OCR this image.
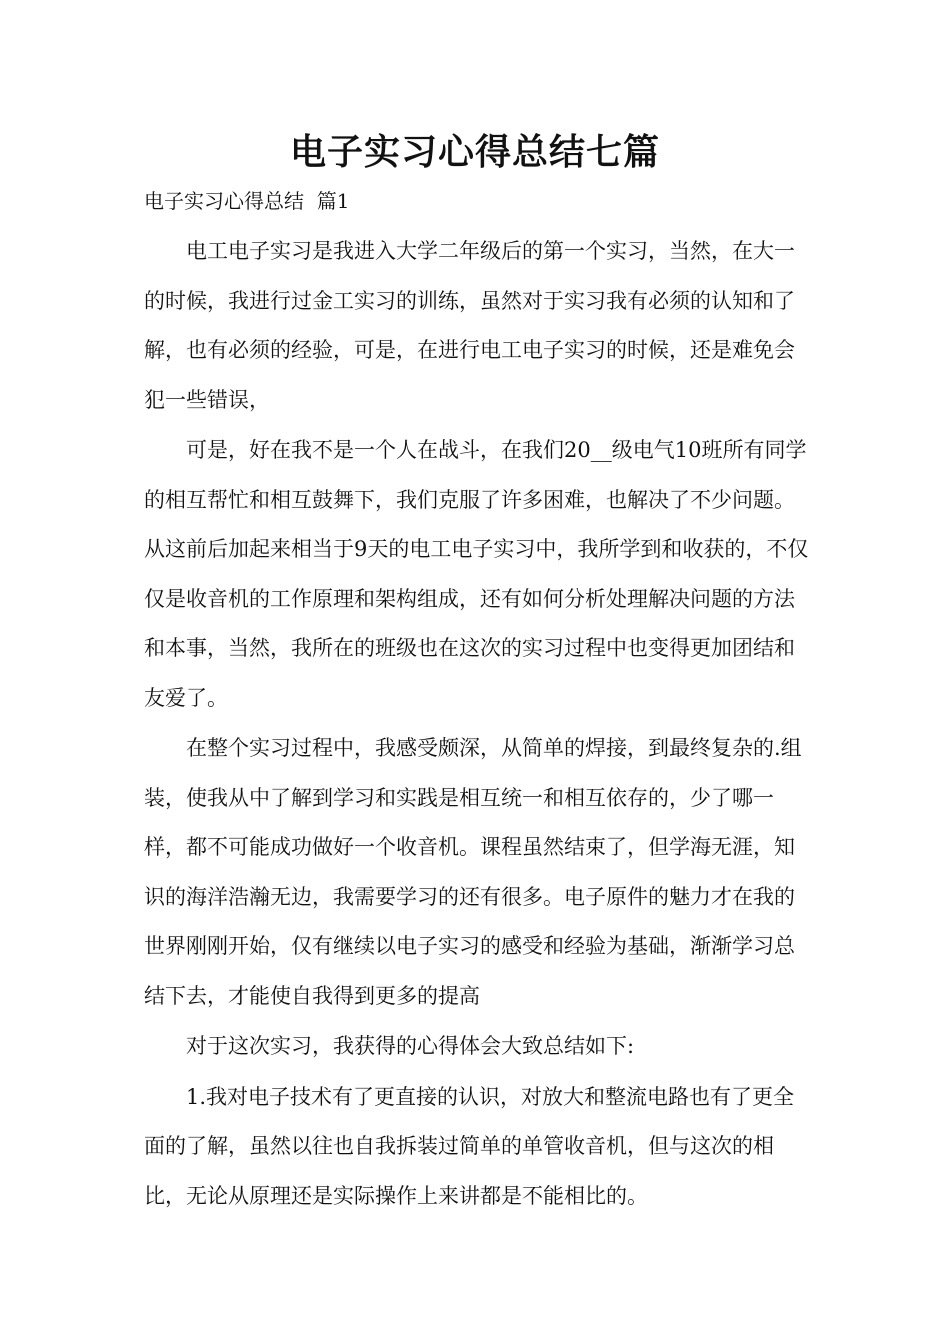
电子实习心得总结七篇
电子实习心得总结  篇1

电工电子实习是我进入大学二年级后的第一个实习，当然，在大一的时候，我进行过金工实习的训练，虽然对于实习我有必须的认知和了解，也有必须的经验，可是，在进行电工电子实习的时候，还是难免会犯一些错误，

可是，好在我不是一个人在战斗，在我们20__级电气10班所有同学的相互帮忙和相互鼓舞下，我们克服了许多困难，也解决了不少问题。从这前后加起来相当于9天的电工电子实习中，我所学到和收获的，不仅仅是收音机的工作原理和架构组成，还有如何分析处理解决问题的方法和本事，当然，我所在的班级也在这次的实习过程中也变得更加团结和友爱了。

在整个实习过程中，我感受颇深，从简单的焊接，到最终复杂的.组装，使我从中了解到学习和实践是相互统一和相互依存的，少了哪一样，都不可能成功做好一个收音机。课程虽然结束了，但学海无涯，知识的海洋浩瀚无边，我需要学习的还有很多。电子原件的魅力才在我的世界刚刚开始，仅有继续以电子实习的感受和经验为基础，渐渐学习总结下去，才能使自我得到更多的提高

对于这次实习，我获得的心得体会大致总结如下:

1.我对电子技术有了更直接的认识，对放大和整流电路也有了更全面的了解，虽然以往也自我拆装过简单的单管收音机，但与这次的相比，无论从原理还是实际操作上来讲都是不能相比的。
